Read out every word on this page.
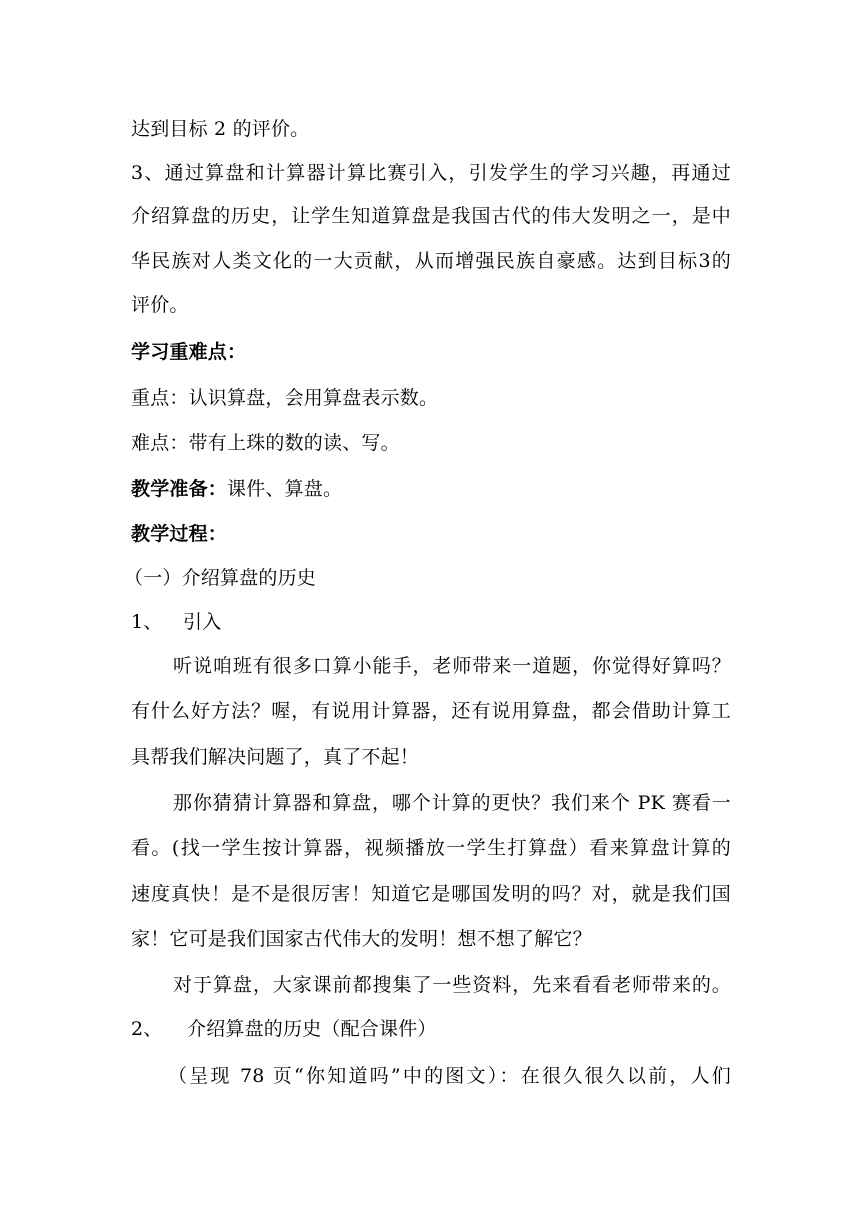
达到目标 2 的评价。
3、通过算盘和计算器计算比赛引入，引发学生的学习兴趣，再通过
介绍算盘的历史，让学生知道算盘是我国古代的伟大发明之一，是中
华民族对人类文化的一大贡献，从而增强民族自豪感。达到目标3的
评价。
学习重难点：
重点：认识算盘，会用算盘表示数。
难点：带有上珠的数的读、写。
教学准备：课件、算盘。
教学过程：
（一）介绍算盘的历史
1、 引入
听说咱班有很多口算小能手，老师带来一道题，你觉得好算吗？
有什么好方法？喔，有说用计算器，还有说用算盘，都会借助计算工
具帮我们解决问题了，真了不起！
那你猜猜计算器和算盘，哪个计算的更快？我们来个 PK 赛看一
看。(找一学生按计算器，视频播放一学生打算盘）看来算盘计算的
速度真快！是不是很厉害！知道它是哪国发明的吗？对，就是我们国
家！它可是我们国家古代伟大的发明！想不想了解它？
对于算盘，大家课前都搜集了一些资料，先来看看老师带来的。
2、 介绍算盘的历史（配合课件）
（呈现 78 页“你知道吗”中的图文）：在很久很久以前，人们
